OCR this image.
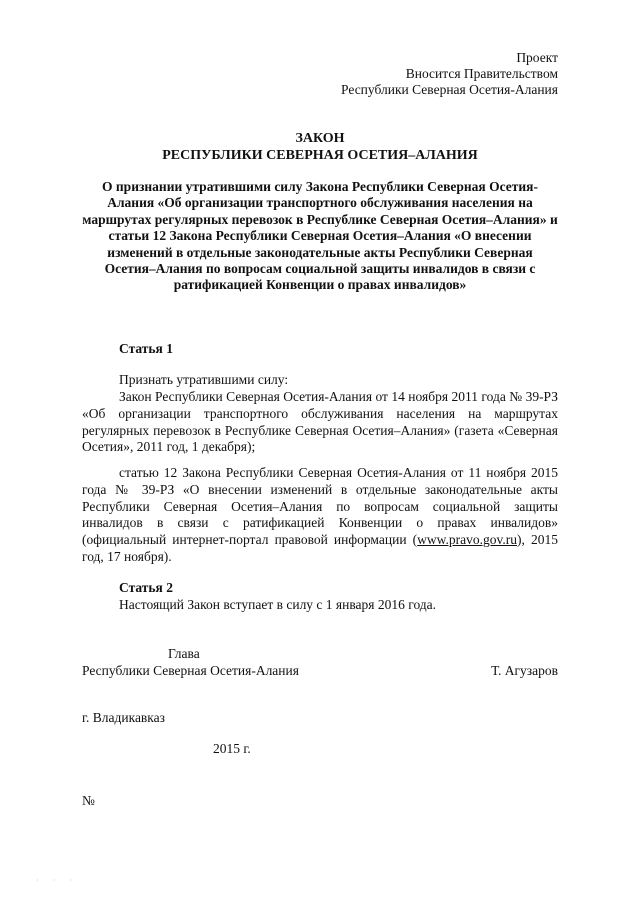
Проект
Вносится Правительством
Республики Северная Осетия-Алания
ЗАКОН
РЕСПУБЛИКИ СЕВЕРНАЯ ОСЕТИЯ–АЛАНИЯ
О признании утратившими силу Закона Республики Северная Осетия-Алания «Об организации транспортного обслуживания населения на маршрутах регулярных перевозок в Республике Северная Осетия–Алания» и статьи 12 Закона Республики Северная Осетия–Алания «О внесении изменений в отдельные законодательные акты Республики Северная Осетия–Алания по вопросам социальной защиты инвалидов в связи с ратификацией Конвенции о правах инвалидов»
Статья 1
Признать утратившими силу:
Закон Республики Северная Осетия-Алания от 14 ноября 2011 года № 39-РЗ «Об организации транспортного обслуживания населения на маршрутах регулярных перевозок в Республике Северная Осетия–Алания» (газета «Северная Осетия», 2011 год, 1 декабря);
статью 12 Закона Республики Северная Осетия-Алания от 11 ноября 2015 года № 39-РЗ «О внесении изменений в отдельные законодательные акты Республики Северная Осетия–Алания по вопросам социальной защиты инвалидов в связи с ратификацией Конвенции о правах инвалидов» (официальный интернет-портал правовой информации (www.pravo.gov.ru), 2015 год, 17 ноября).
Статья 2
Настоящий Закон вступает в силу с 1 января 2016 года.
Глава
Республики Северная Осетия-Алания	Т. Агузаров
г. Владикавказ
2015 г.
№
· · ·
